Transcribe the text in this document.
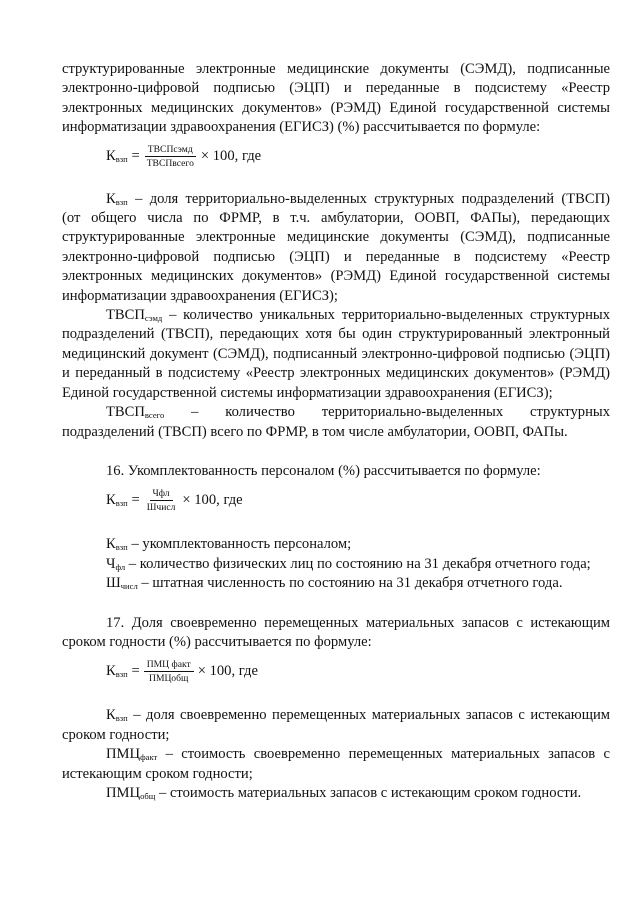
структурированные электронные медицинские документы (СЭМД), подписанные электронно-цифровой подписью (ЭЦП) и переданные в подсистему «Реестр электронных медицинских документов» (РЭМД) Единой государственной системы информатизации здравоохранения (ЕГИСЗ) (%) рассчитывается по формуле:

$К_{взп} = \frac{\text{ТВСПсэмд}}{\text{ТВСПвсего}} \times 100$, где

$К_{взп}$ – доля территориально-выделенных структурных подразделений (ТВСП) (от общего числа по ФРМР, в т.ч. амбулатории, ООВП, ФАПы), передающих структурированные электронные медицинские документы (СЭМД), подписанные электронно-цифровой подписью (ЭЦП) и переданные в подсистему «Реестр электронных медицинских документов» (РЭМД) Единой государственной системы информатизации здравоохранения (ЕГИСЗ);

$ТВСП_{сэмд}$ – количество уникальных территориально-выделенных структурных подразделений (ТВСП), передающих хотя бы один структурированный электронный медицинский документ (СЭМД), подписанный электронно-цифровой подписью (ЭЦП) и переданный в подсистему «Реестр электронных медицинских документов» (РЭМД) Единой государственной системы информатизации здравоохранения (ЕГИСЗ);

$ТВСП_{всего}$ – количество территориально-выделенных структурных подразделений (ТВСП) всего по ФРМР, в том числе амбулатории, ООВП, ФАПы.

16. Укомплектованность персоналом (%) рассчитывается по формуле:

$К_{взп} = \frac{\text{Чфл}}{\text{Шчисл}} \times 100$, где

$К_{взп}$ – укомплектованность персоналом;

$Ч_{фл}$ – количество физических лиц по состоянию на 31 декабря отчетного года;

$Ш_{числ}$ – штатная численность по состоянию на 31 декабря отчетного года.

17. Доля своевременно перемещенных материальных запасов с истекающим сроком годности (%) рассчитывается по формуле:

$К_{взп} = \frac{\text{ПМЦ факт}}{\text{ПМЦобщ}} \times 100$, где

$К_{взп}$ – доля своевременно перемещенных материальных запасов с истекающим сроком годности;

$ПМЦ_{факт}$ – стоимость своевременно перемещенных материальных запасов с истекающим сроком годности;

$ПМЦ_{общ}$ – стоимость материальных запасов с истекающим сроком годности.
